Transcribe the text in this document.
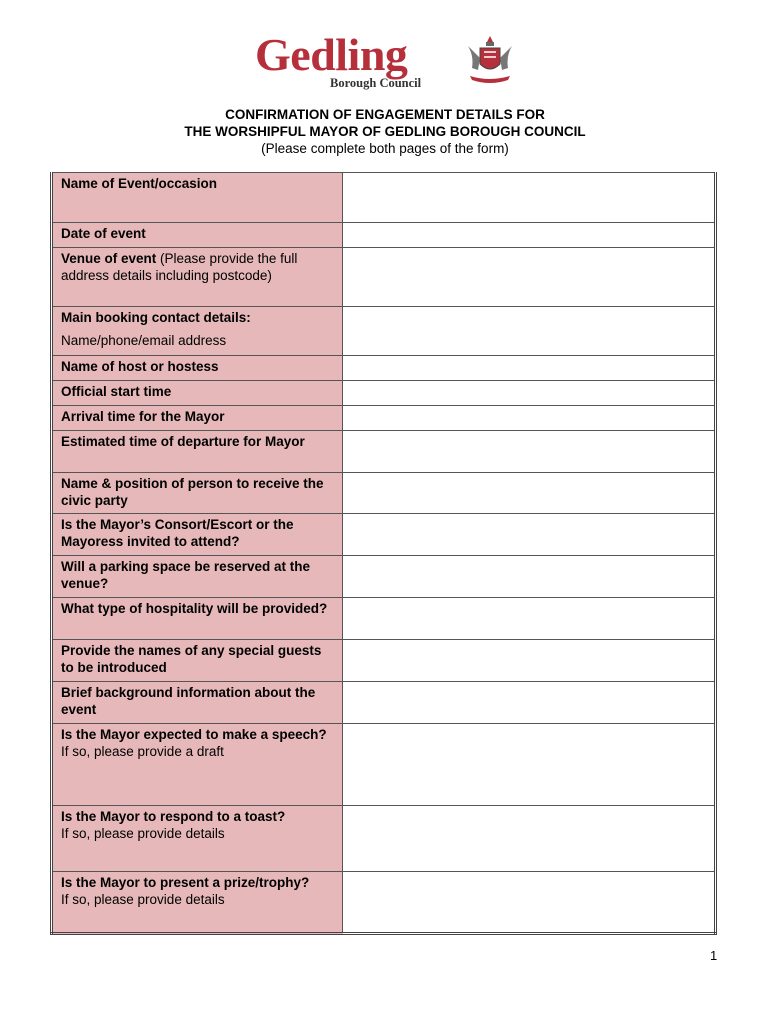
Gedling
Borough Council
CONFIRMATION OF ENGAGEMENT DETAILS FOR
THE WORSHIPFUL MAYOR OF GEDLING BOROUGH COUNCIL
(Please complete both pages of the form)
Name of Event/occasion	
Date of event	
Venue of event (Please provide the full address details including postcode)	

Main booking contact details:
Name/phone/email address	

Name of host or hostess	
Official start time	
Arrival time for the Mayor	
Estimated time of departure for Mayor	
Name & position of person to receive the civic party	
Is the Mayor’s Consort/Escort or the Mayoress invited to attend?	
Will a parking space be reserved at the venue?	
What type of hospitality will be provided?	
Provide the names of any special guests to be introduced	
Brief background information about the event	

Is the Mayor expected to make a speech?
If so, please provide a draft	

Is the Mayor to respond to a toast?
If so, please provide details	

Is the Mayor to present a prize/trophy?
If so, please provide details	

1
